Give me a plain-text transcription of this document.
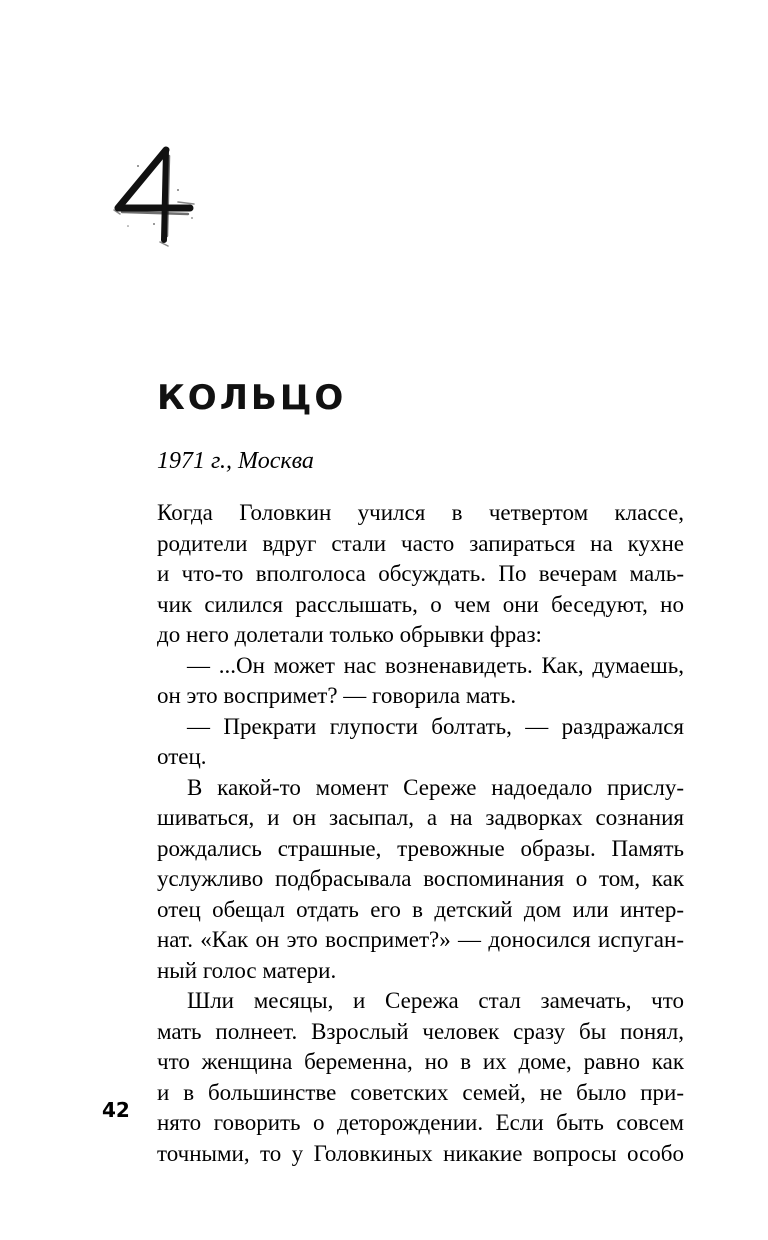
КОЛЬЦО
1971 г., Москва
Когда Головкин учился в четвертом классе,
родители вдруг стали часто запираться на кухне
и что-то вполголоса обсуждать. По вечерам маль-
чик силился расслышать, о чем они беседуют, но
до него долетали только обрывки фраз:
— ...Он может нас возненавидеть. Как, думаешь,
он это воспримет? — говорила мать.
— Прекрати глупости болтать, — раздражался
отец.
В какой-то момент Сереже надоедало прислу-
шиваться, и он засыпал, а на задворках сознания
рождались страшные, тревожные образы. Память
услужливо подбрасывала воспоминания о том, как
отец обещал отдать его в детский дом или интер-
нат. «Как он это воспримет?» — доносился испуган-
ный голос матери.
Шли месяцы, и Сережа стал замечать, что
мать полнеет. Взрослый человек сразу бы понял,
что женщина беременна, но в их доме, равно как
и в большинстве советских семей, не было при-
нято говорить о деторождении. Если быть совсем
точными, то у Головкиных никакие вопросы особо
42
